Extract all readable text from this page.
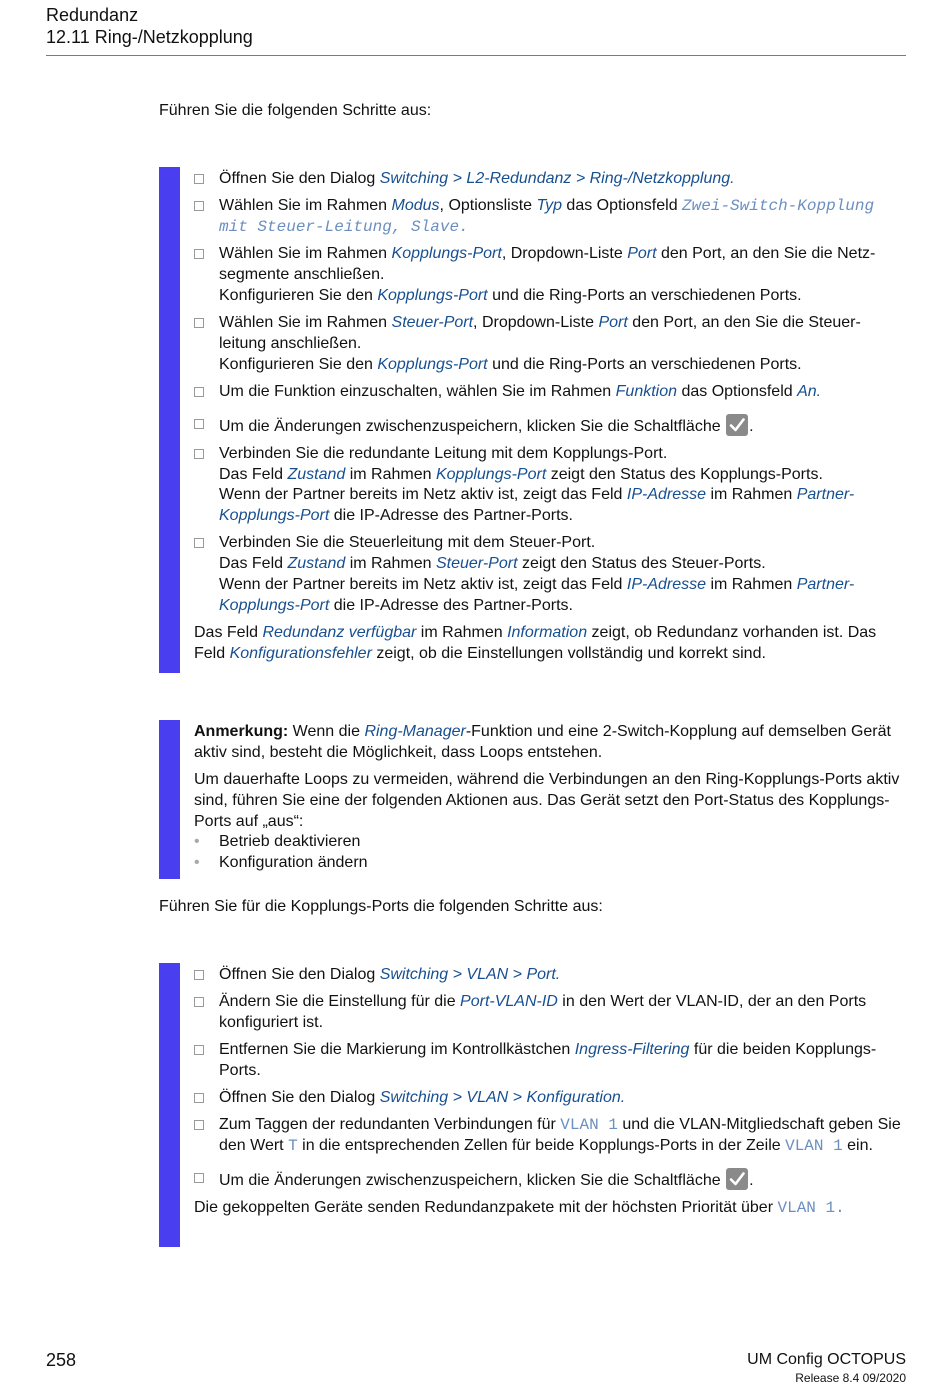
Redundanz
12.11 Ring-/Netzkopplung
Führen Sie die folgenden Schritte aus:
Öffnen Sie den Dialog Switching > L2-Redundanz > Ring-/Netzkopplung.
Wählen Sie im Rahmen Modus, Optionsliste Typ das Optionsfeld Zwei-Switch-Kopplung mit Steuer-Leitung, Slave.
Wählen Sie im Rahmen Kopplungs-Port, Dropdown-Liste Port den Port, an den Sie die Netz-segmente anschließen.
Konfigurieren Sie den Kopplungs-Port und die Ring-Ports an verschiedenen Ports.
Wählen Sie im Rahmen Steuer-Port, Dropdown-Liste Port den Port, an den Sie die Steuer-leitung anschließen.
Konfigurieren Sie den Kopplungs-Port und die Ring-Ports an verschiedenen Ports.
Um die Funktion einzuschalten, wählen Sie im Rahmen Funktion das Optionsfeld An.
Um die Änderungen zwischenzuspeichern, klicken Sie die Schaltfläche
.
Verbinden Sie die redundante Leitung mit dem Kopplungs-Port.
Das Feld Zustand im Rahmen Kopplungs-Port zeigt den Status des Kopplungs-Ports.
Wenn der Partner bereits im Netz aktiv ist, zeigt das Feld IP-Adresse im Rahmen Partner-Kopplungs-Port die IP-Adresse des Partner-Ports.
Verbinden Sie die Steuerleitung mit dem Steuer-Port.
Das Feld Zustand im Rahmen Steuer-Port zeigt den Status des Steuer-Ports.
Wenn der Partner bereits im Netz aktiv ist, zeigt das Feld IP-Adresse im Rahmen Partner-Kopplungs-Port die IP-Adresse des Partner-Ports.
Das Feld Redundanz verfügbar im Rahmen Information zeigt, ob Redundanz vorhanden ist. Das Feld Konfigurationsfehler zeigt, ob die Einstellungen vollständig und korrekt sind.
Anmerkung: Wenn die Ring-Manager-Funktion und eine 2-Switch-Kopplung auf demselben Gerät aktiv sind, besteht die Möglichkeit, dass Loops entstehen.
Um dauerhafte Loops zu vermeiden, während die Verbindungen an den Ring-Kopplungs-Ports aktiv sind, führen Sie eine der folgenden Aktionen aus. Das Gerät setzt den Port-Status des Kopplungs-Ports auf „aus“:
• Betrieb deaktivieren
• Konfiguration ändern
Führen Sie für die Kopplungs-Ports die folgenden Schritte aus:
Öffnen Sie den Dialog Switching > VLAN > Port.
Ändern Sie die Einstellung für die Port-VLAN-ID in den Wert der VLAN-ID, der an den Ports konfiguriert ist.
Entfernen Sie die Markierung im Kontrollkästchen Ingress-Filtering für die beiden Kopplungs-Ports.
Öffnen Sie den Dialog Switching > VLAN > Konfiguration.
Zum Taggen der redundanten Verbindungen für VLAN 1 und die VLAN-Mitgliedschaft geben Sie den Wert T in die entsprechenden Zellen für beide Kopplungs-Ports in der Zeile VLAN 1 ein.
Um die Änderungen zwischenzuspeichern, klicken Sie die Schaltfläche
.
Die gekoppelten Geräte senden Redundanzpakete mit der höchsten Priorität über VLAN 1.
258	UM Config OCTOPUS
Release 8.4 09/2020
